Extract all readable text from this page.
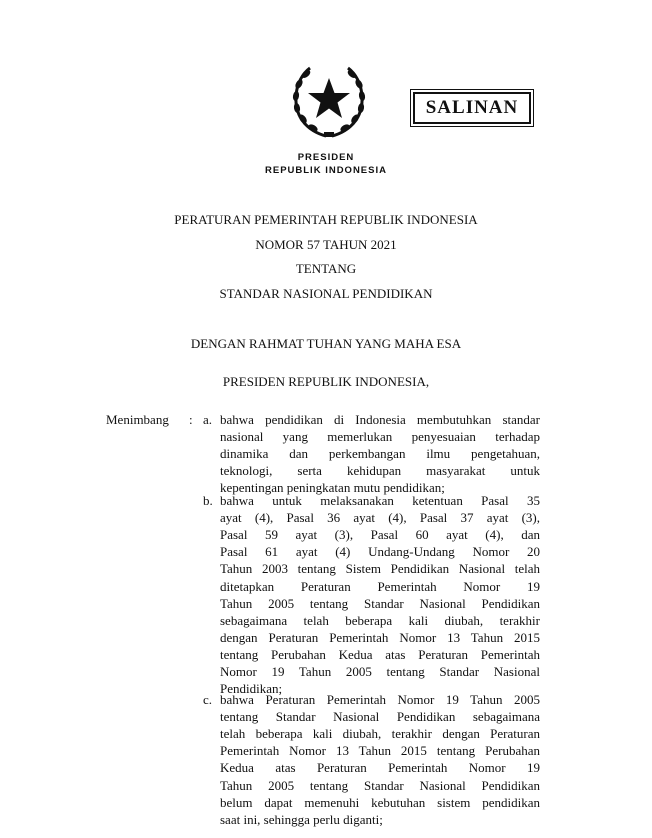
SALINAN
PRESIDEN
REPUBLIK INDONESIA
PERATURAN PEMERINTAH REPUBLIK INDONESIA
NOMOR 57 TAHUN 2021
TENTANG
STANDAR NASIONAL PENDIDIKAN
DENGAN RAHMAT TUHAN YANG MAHA ESA
PRESIDEN REPUBLIK INDONESIA,
Menimbang : a. bahwa pendidikan di Indonesia membutuhkan standar
nasional yang memerlukan penyesuaian terhadap
dinamika dan perkembangan ilmu pengetahuan,
teknologi, serta kehidupan masyarakat untuk
kepentingan peningkatan mutu pendidikan;
b. bahwa untuk melaksanakan ketentuan Pasal 35
ayat (4), Pasal 36 ayat (4), Pasal 37 ayat (3),
Pasal 59 ayat (3), Pasal 60 ayat (4), dan
Pasal 61 ayat (4) Undang-Undang Nomor 20
Tahun 2003 tentang Sistem Pendidikan Nasional telah
ditetapkan Peraturan Pemerintah Nomor 19
Tahun 2005 tentang Standar Nasional Pendidikan
sebagaimana telah beberapa kali diubah, terakhir
dengan Peraturan Pemerintah Nomor 13 Tahun 2015
tentang Perubahan Kedua atas Peraturan Pemerintah
Nomor 19 Tahun 2005 tentang Standar Nasional
Pendidikan;
c. bahwa Peraturan Pemerintah Nomor 19 Tahun 2005
tentang Standar Nasional Pendidikan sebagaimana
telah beberapa kali diubah, terakhir dengan Peraturan
Pemerintah Nomor 13 Tahun 2015 tentang Perubahan
Kedua atas Peraturan Pemerintah Nomor 19
Tahun 2005 tentang Standar Nasional Pendidikan
belum dapat memenuhi kebutuhan sistem pendidikan
saat ini, sehingga perlu diganti;
